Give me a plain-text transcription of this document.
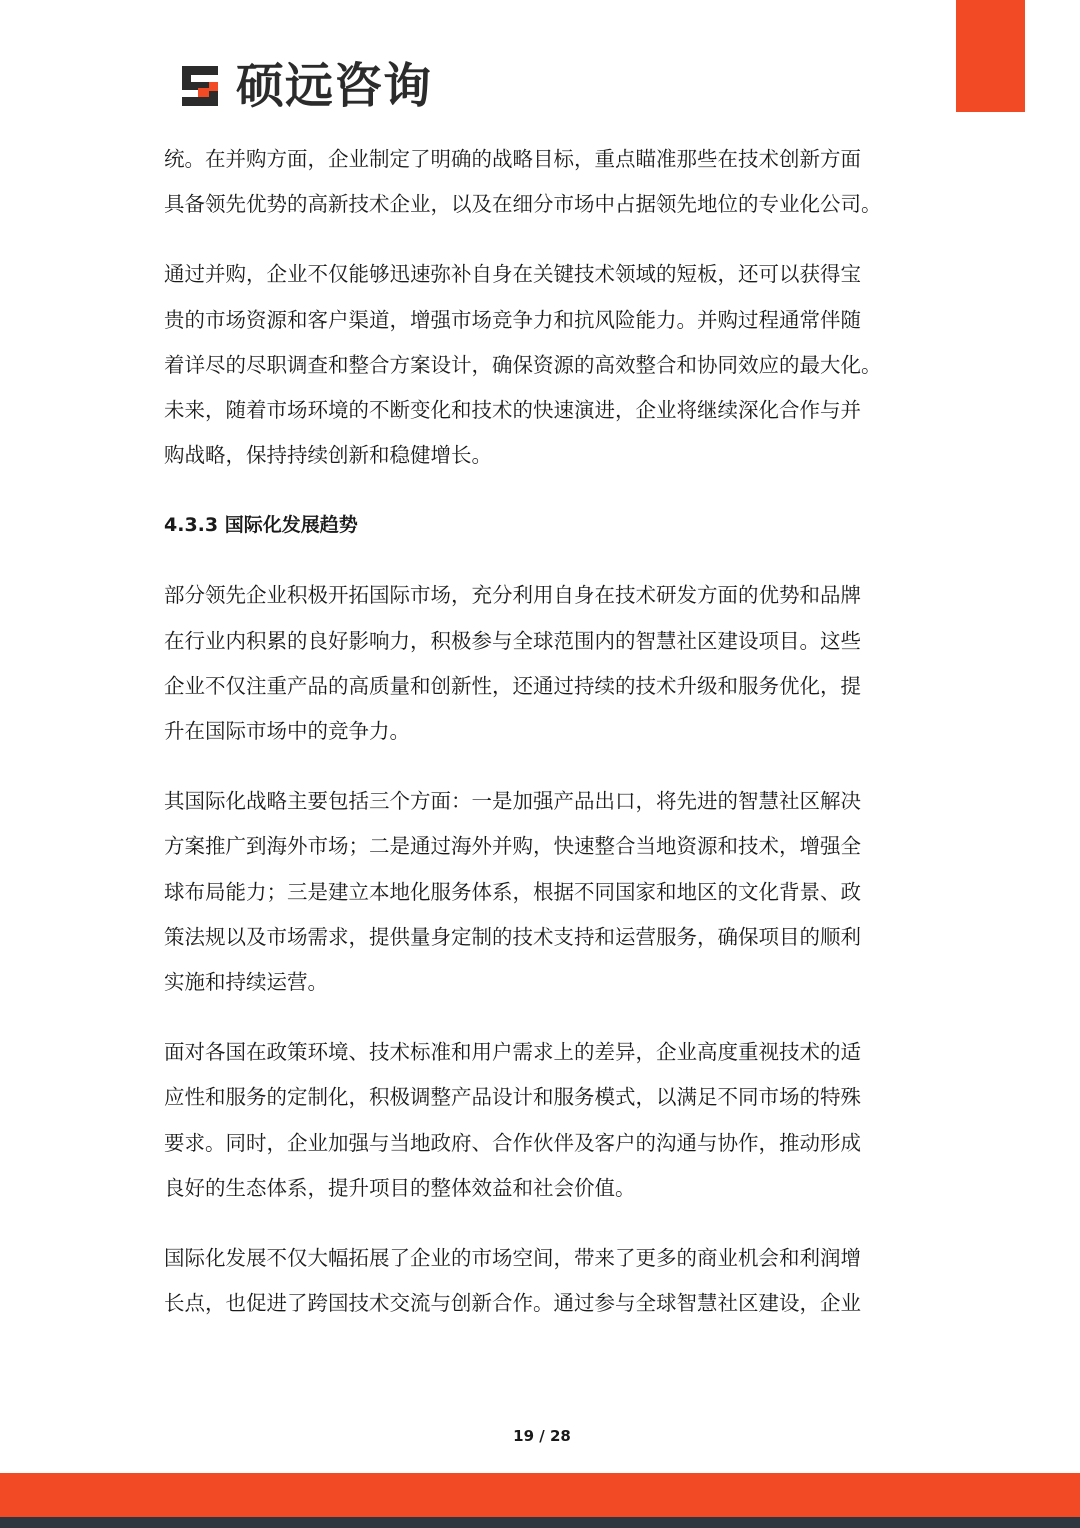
硕远咨询
统。在并购方面，企业制定了明确的战略目标，重点瞄准那些在技术创新方面
具备领先优势的高新技术企业，以及在细分市场中占据领先地位的专业化公司。
通过并购，企业不仅能够迅速弥补自身在关键技术领域的短板，还可以获得宝
贵的市场资源和客户渠道，增强市场竞争力和抗风险能力。并购过程通常伴随
着详尽的尽职调查和整合方案设计，确保资源的高效整合和协同效应的最大化。
未来，随着市场环境的不断变化和技术的快速演进，企业将继续深化合作与并
购战略，保持持续创新和稳健增长。
4.3.3 国际化发展趋势
部分领先企业积极开拓国际市场，充分利用自身在技术研发方面的优势和品牌
在行业内积累的良好影响力，积极参与全球范围内的智慧社区建设项目。这些
企业不仅注重产品的高质量和创新性，还通过持续的技术升级和服务优化，提
升在国际市场中的竞争力。
其国际化战略主要包括三个方面：一是加强产品出口，将先进的智慧社区解决
方案推广到海外市场；二是通过海外并购，快速整合当地资源和技术，增强全
球布局能力；三是建立本地化服务体系，根据不同国家和地区的文化背景、政
策法规以及市场需求，提供量身定制的技术支持和运营服务，确保项目的顺利
实施和持续运营。
面对各国在政策环境、技术标准和用户需求上的差异，企业高度重视技术的适
应性和服务的定制化，积极调整产品设计和服务模式，以满足不同市场的特殊
要求。同时，企业加强与当地政府、合作伙伴及客户的沟通与协作，推动形成
良好的生态体系，提升项目的整体效益和社会价值。
国际化发展不仅大幅拓展了企业的市场空间，带来了更多的商业机会和利润增
长点，也促进了跨国技术交流与创新合作。通过参与全球智慧社区建设，企业
19 / 28
